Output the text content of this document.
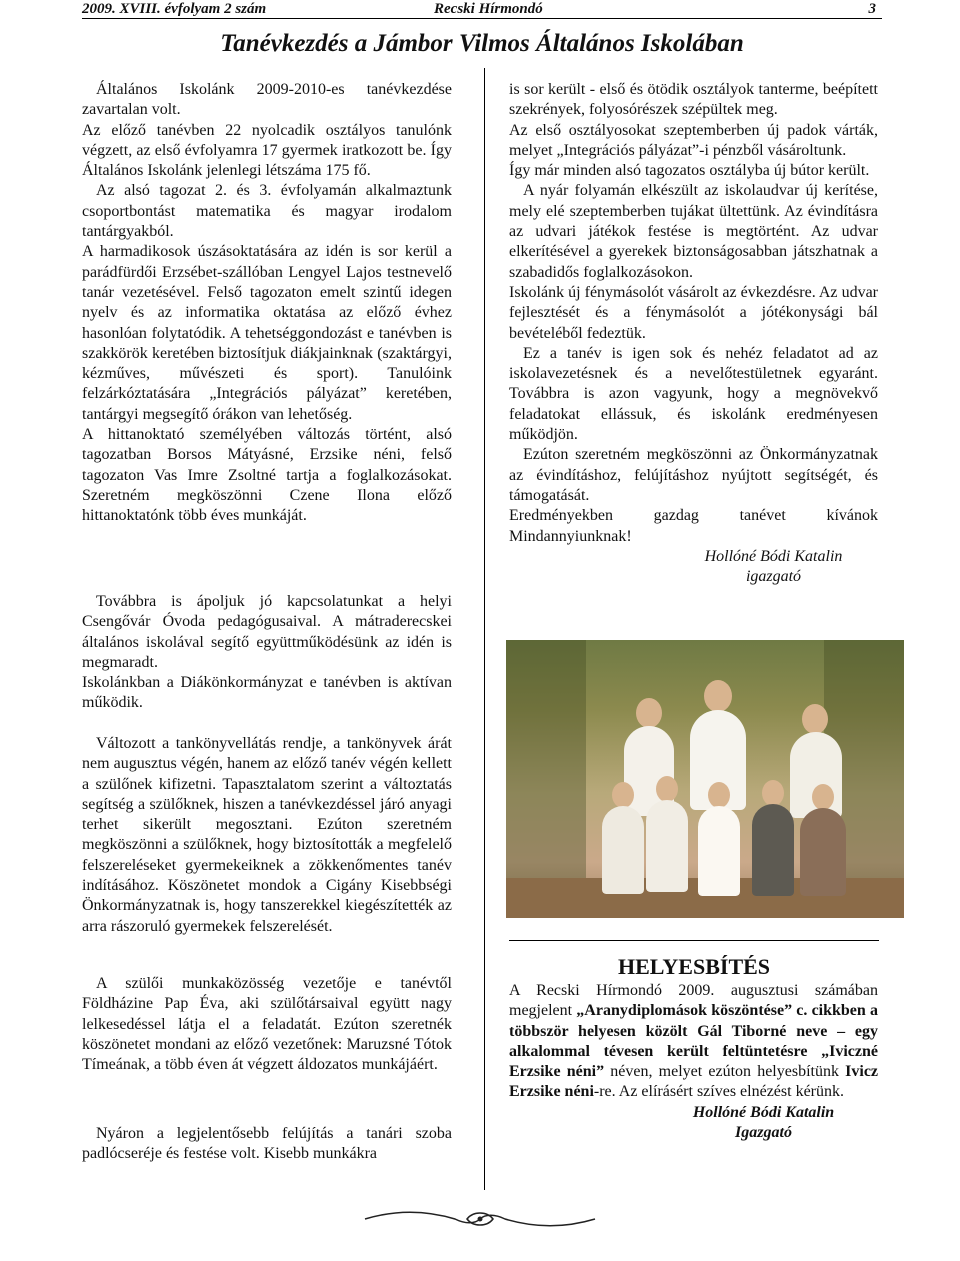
2009. XVIII. évfolyam 2 szám	Recski Hírmondó	3
Tanévkezdés a Jámbor Vilmos Általános Iskolában

Általános Iskolánk 2009-2010-es tanévkezdése zavartalan volt.

Az előző tanévben 22 nyolcadik osztályos tanulónk végzett, az első évfolyamra 17 gyermek iratkozott be. Így Általános Iskolánk jelenlegi létszáma 175 fő.

Az alsó tagozat 2. és 3. évfolyamán alkalmaztunk csoportbontást matematika és magyar irodalom tantárgyakból.

A harmadikosok úszásoktatására az idén is sor kerül a parádfürdői Erzsébet-szállóban Lengyel Lajos testnevelő tanár vezetésével. Felső tagozaton emelt szintű idegen nyelv és az informatika oktatása az előző évhez hasonlóan folytatódik. A tehetséggondozást e tanévben is szakkörök keretében biztosítjuk diákjainknak (szaktárgyi, kézműves, művészeti és sport). Tanulóink felzárkóztatására „Integrációs pályázat” keretében, tantárgyi megsegítő órákon van lehetőség.

A hittanoktató személyében változás történt, alsó tagozatban Borsos Mátyásné, Erzsike néni, felső tagozaton Vas Imre Zsoltné tartja a foglalkozásokat. Szeretném megköszönni Czene Ilona előző hittanoktatónk több éves munkáját.

Továbbra is ápoljuk jó kapcsolatunkat a helyi Csengővár Óvoda pedagógusaival. A mátraderecskei általános iskolával segítő együttműködésünk az idén is megmaradt.

Iskolánkban a Diákönkormányzat e tanévben is aktívan működik.

Változott a tankönyvellátás rendje, a tankönyvek árát nem augusztus végén, hanem az előző tanév végén kellett a szülőnek kifizetni. Tapasztalatom szerint a változtatás segítség a szülőknek, hiszen a tanévkezdéssel járó anyagi terhet sikerült megosztani. Ezúton szeretném megköszönni a szülőknek, hogy biztosították a megfelelő felszereléseket gyermekeiknek a zökkenőmentes tanév indításához. Köszönetet mondok a Cigány Kisebbségi Önkormányzatnak is, hogy tanszerekkel kiegészítették az arra rászoruló gyermekek felszerelését.

A szülői munkaközösség vezetője e tanévtől Földházine Pap Éva, aki szülőtársaival együtt nagy lelkesedéssel látja el a feladatát. Ezúton szeretnék köszönetet mondani az előző vezetőnek: Maruzsné Tótok Tímeának, a több éven át végzett áldozatos munkájáért.

Nyáron a legjelentősebb felújítás a tanári szoba padlócseréje és festése volt. Kisebb munkákra

is sor került - első és ötödik osztályok tanterme, beépített szekrények, folyosórészek szépültek meg.

Az első osztályosokat szeptemberben új padok várták, melyet „Integrációs pályázat”-i pénzből vásároltunk.

Így már minden alsó tagozatos osztályba új bútor került.

A nyár folyamán elkészült az iskolaudvar új kerítése, mely elé szeptemberben tujákat ültettünk. Az évindításra az udvari játékok festése is megtörtént. Az udvar elkerítésével a gyerekek biztonságosabban játszhatnak a szabadidős foglalkozásokon.

Iskolánk új fénymásolót vásárolt az évkezdésre. Az udvar fejlesztését és a fénymásolót a jótékonysági bál bevételéből fedeztük.

Ez a tanév is igen sok és nehéz feladatot ad az iskolavezetésnek és a nevelőtestületnek egyaránt. Továbbra is azon vagyunk, hogy a megnövekvő feladatokat ellássuk, és iskolánk eredményesen működjön.

Ezúton szeretném megköszönni az Önkormányzatnak az évindításhoz, felújításhoz nyújtott segítségét, és támogatását.

Eredményekben gazdag tanévet kívánok Mindannyiunknak!

Hollóné Bódi Katalin

igazgató

HELYESBÍTÉS

A Recski Hírmondó 2009. augusztusi számában megjelent „Aranydiplomások köszöntése” c. cikkben a többször helyesen közölt Gál Tiborné neve – egy alkalommal tévesen került feltüntetésre „Iviczné Erzsike néni” néven, melyet ezúton helyesbítünk Ivicz Erzsike néni-re. Az elírásért szíves elnézést kérünk.

Hollóné Bódi Katalin

Igazgató
